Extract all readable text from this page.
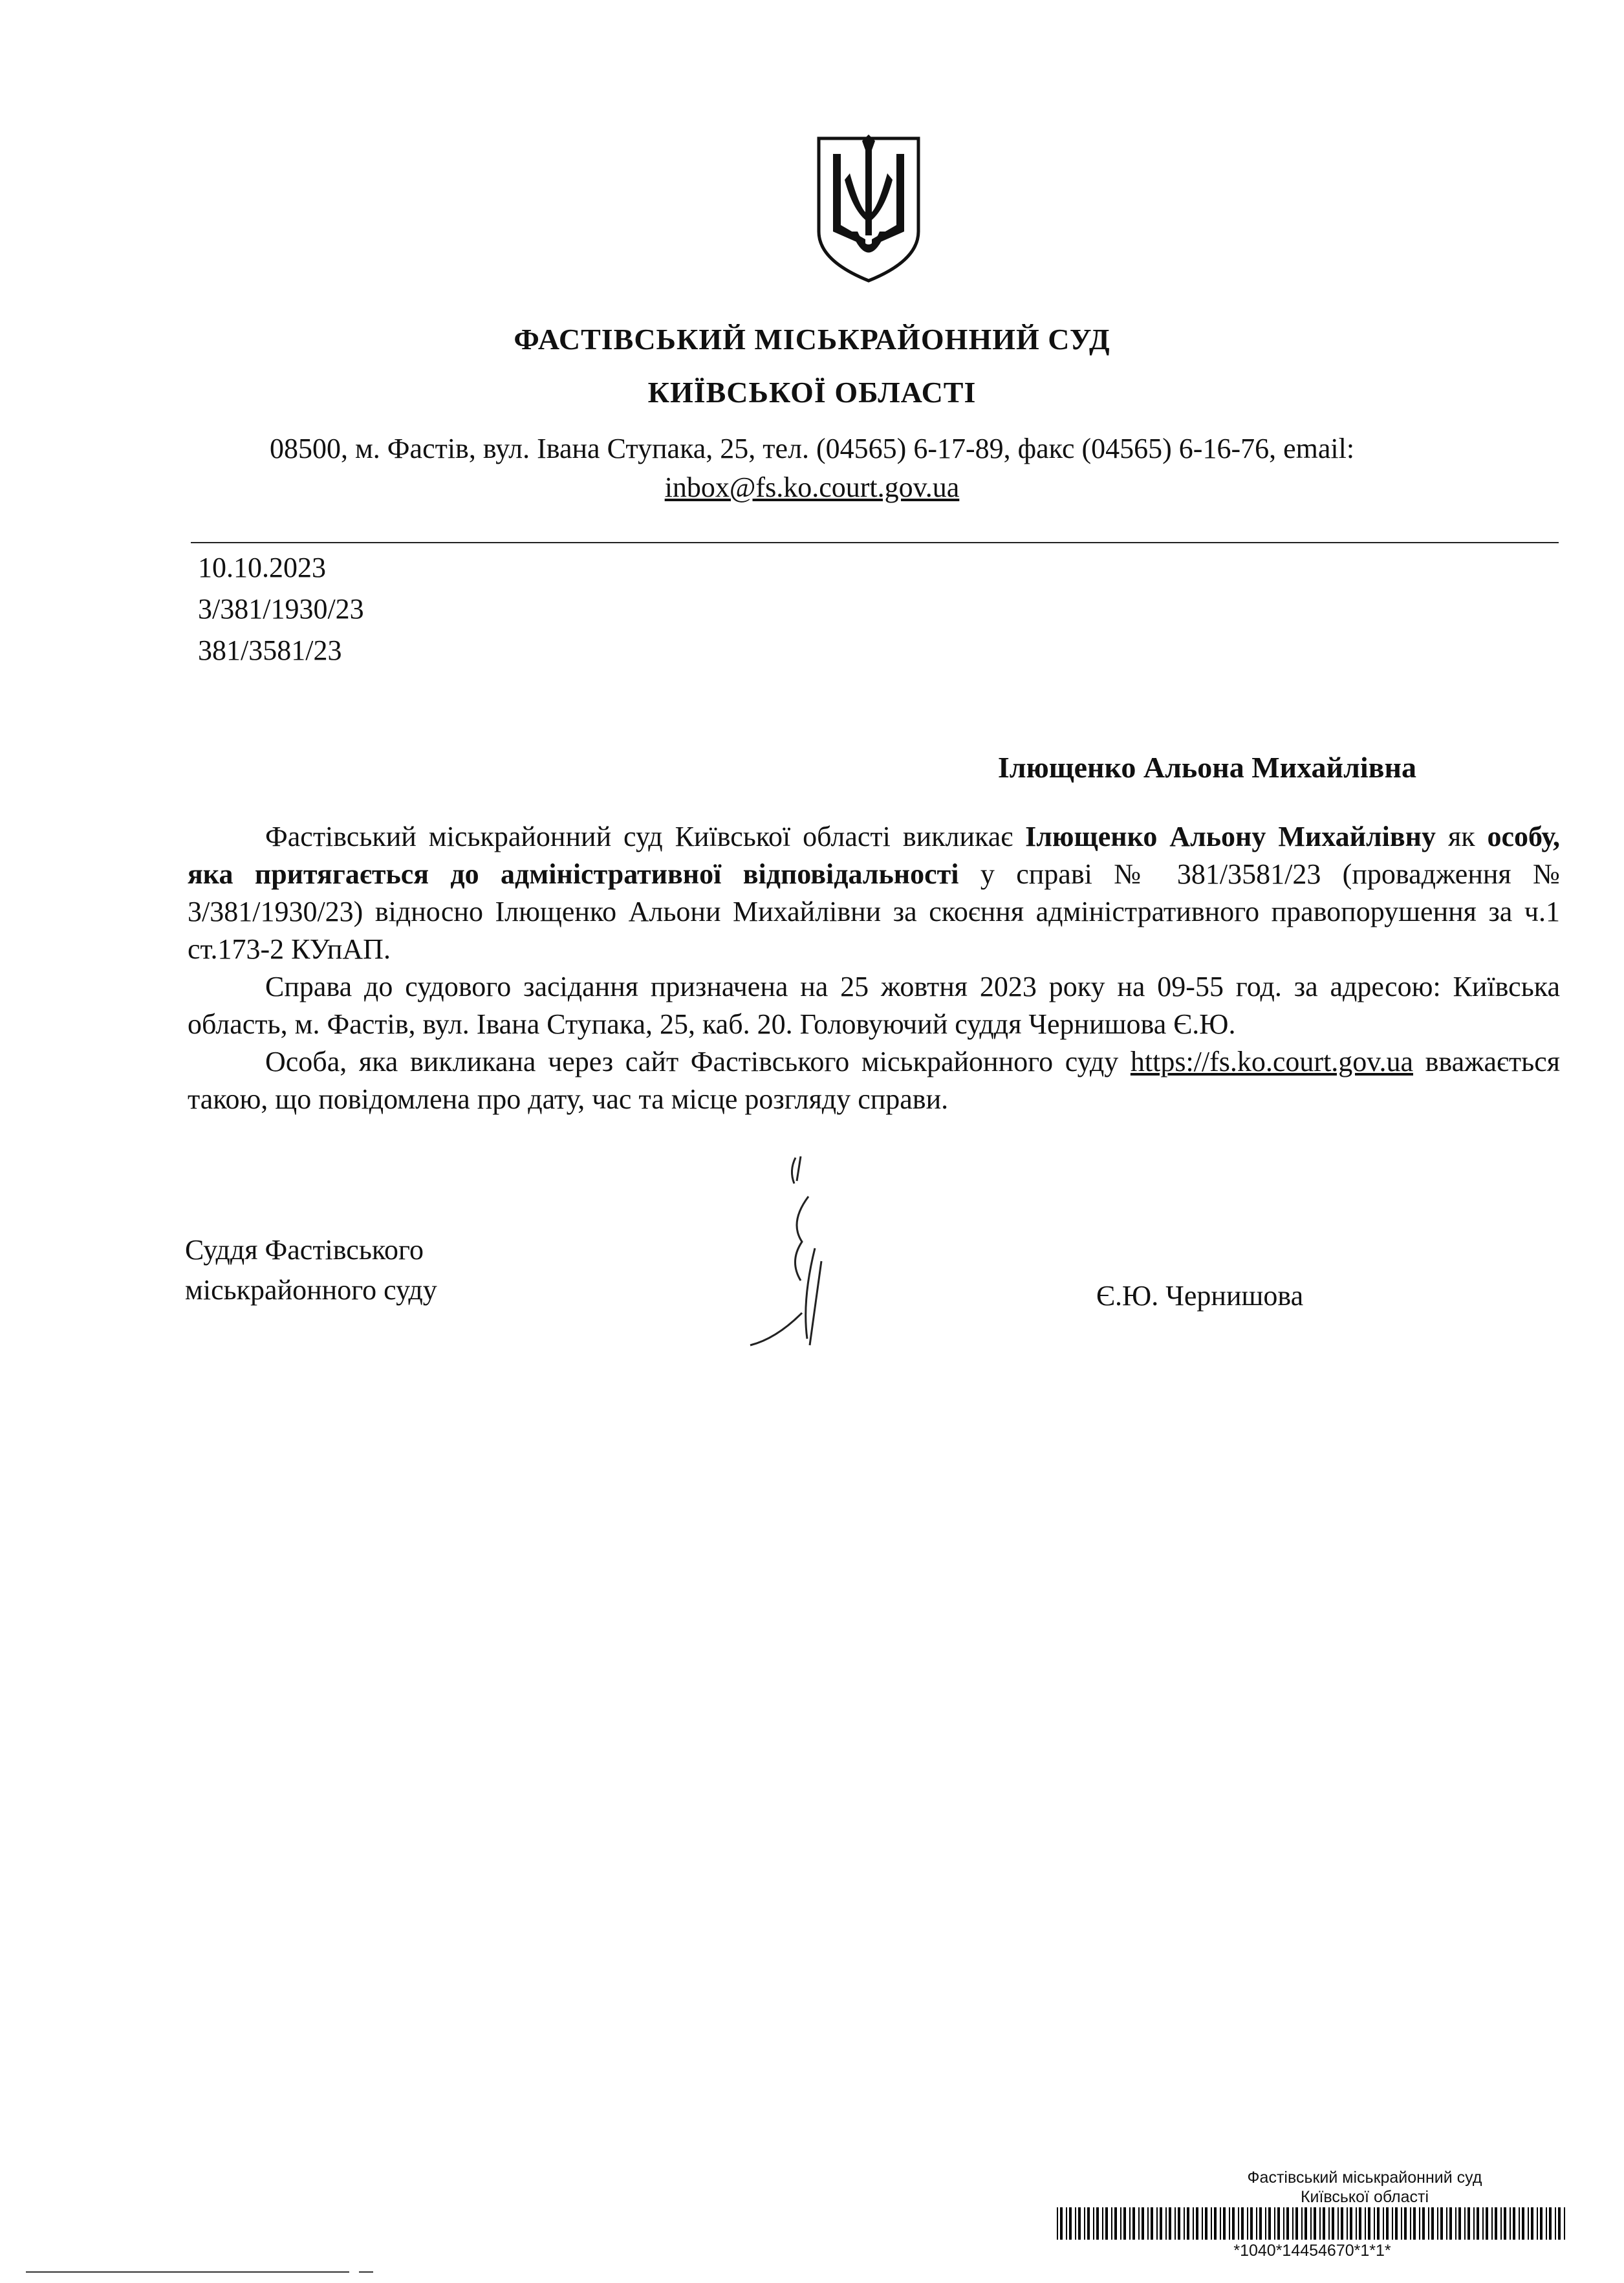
ФАСТІВСЬКИЙ МІСЬКРАЙОННИЙ СУД
КИЇВСЬКОЇ ОБЛАСТІ
08500, м. Фастів, вул. Івана Ступака, 25, тел. (04565) 6-17-89, факс (04565) 6-16-76, email:
inbox@fs.ko.court.gov.ua
10.10.2023
3/381/1930/23
381/3581/23
Ілющенко Альона Михайлівна

Фастівський міськрайонний суд Київської області викликає Ілющенко Альону Михайлівну як особу, яка притягається до адміністративної відповідальності у справі № 381/3581/23 (провадження № 3/381/1930/23) відносно Ілющенко Альони Михайлівни за скоєння адміністративного правопорушення за ч.1 ст.173-2 КУпАП.

Справа до судового засідання призначена на 25 жовтня 2023 року на 09-55 год. за адресою: Київська область, м. Фастів, вул. Івана Ступака, 25, каб. 20. Головуючий суддя Чернишова Є.Ю.

Особа, яка викликана через сайт Фастівського міськрайонного суду https://fs.ko.court.gov.ua вважається такою, що повідомлена про дату, час та місце розгляду справи.

Суддя Фастівського
міськрайонного суду	Є.Ю. Чернишова
Фастівський міськрайонний суд
Київської області
*1040*14454670*1*1*
